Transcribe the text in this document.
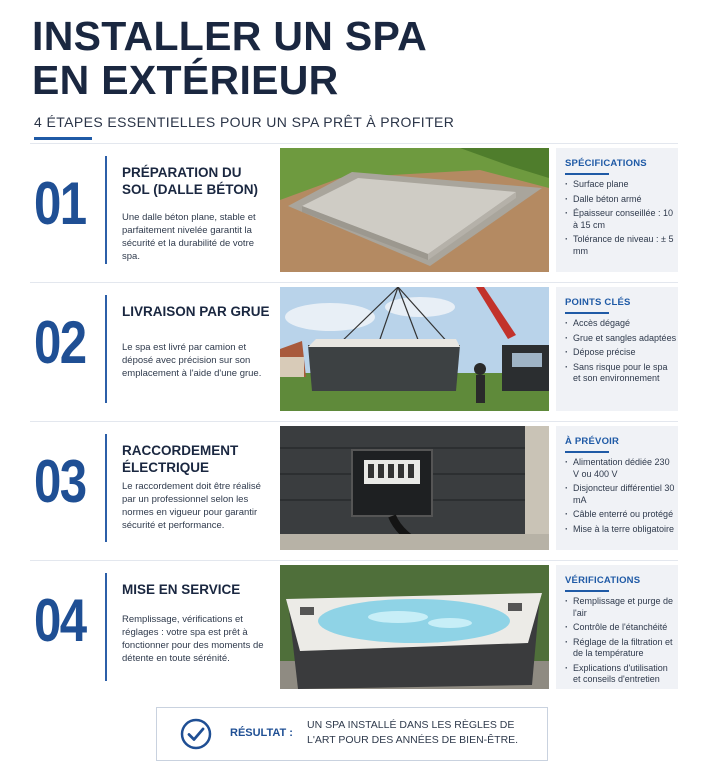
INSTALLER UN SPA
EN EXTÉRIEUR
4 ÉTAPES ESSENTIELLES POUR UN SPA PRÊT À PROFITER
01	PRÉPARATION DU SOL (DALLE BÉTON)
Une dalle béton plane, stable et parfaitement nivelée garantit la sécurité et la durabilité de votre spa.
SPÉCIFICATIONS
· Surface plane
· Dalle béton armé
· Épaisseur conseillée : 10 à 15 cm
· Tolérance de niveau : ± 5 mm
02	LIVRAISON PAR GRUE
Le spa est livré par camion et déposé avec précision sur son emplacement à l'aide d'une grue.
POINTS CLÉS
· Accès dégagé
· Grue et sangles adaptées
· Dépose précise
· Sans risque pour le spa et son environnement
03	RACCORDEMENT ÉLECTRIQUE
Le raccordement doit être réalisé par un professionnel selon les normes en vigueur pour garantir sécurité et performance.
À PRÉVOIR
· Alimentation dédiée 230 V ou 400 V
· Disjoncteur différentiel 30 mA
· Câble enterré ou protégé
· Mise à la terre obligatoire
04	MISE EN SERVICE
Remplissage, vérifications et réglages : votre spa est prêt à fonctionner pour des moments de détente en toute sérénité.
VÉRIFICATIONS
· Remplissage et purge de l'air
· Contrôle de l'étanchéité
· Réglage de la filtration et de la température
· Explications d'utilisation et conseils d'entretien
RÉSULTAT :
UN SPA INSTALLÉ DANS LES RÈGLES DE L'ART POUR DES ANNÉES DE BIEN-ÊTRE.
